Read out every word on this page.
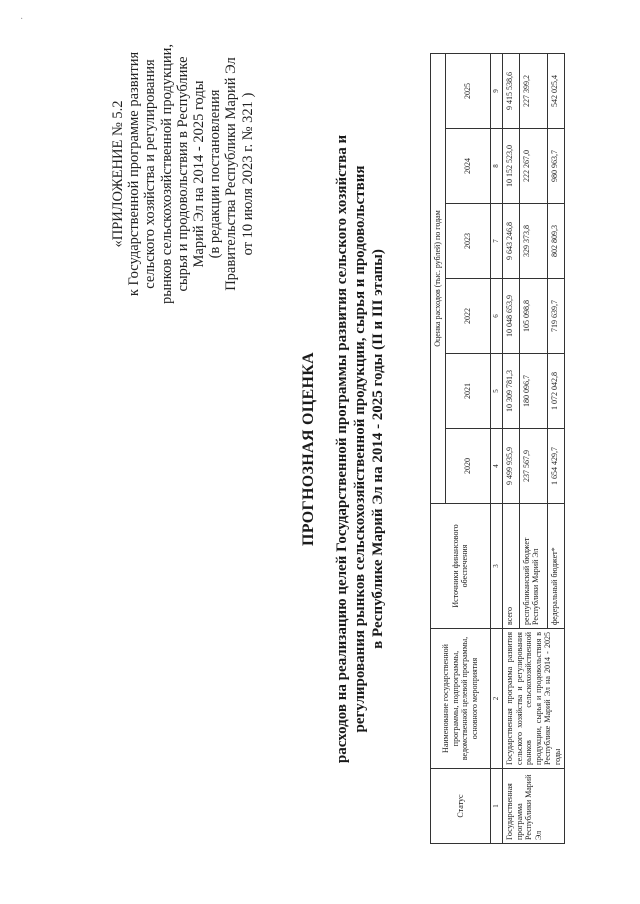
·
«ПРИЛОЖЕНИЕ № 5.2 к Государственной программе развития сельского хозяйства и регулирования рынков сельскохозяйственной продукции, сырья и продовольствия в Республике Марий Эл на 2014 - 2025 годы (в редакции постановления Правительства Республики Марий Эл от 10 июля 2023 г. № 321 )
ПРОГНОЗНАЯ ОЦЕНКА расходов на реализацию целей Государственной программы развития сельского хозяйства и регулирования рынков сельскохозяйственной продукции, сырья и продовольствия в Республике Марий Эл на 2014 - 2025 годы (II и III этапы)
Статус	Наименование государственной программы, подпрограммы, ведомственной целевой программы, основного мероприятия	Источники финансового обеспечения	Оценка расходов (тыс. рублей) по годам					
			2020	2021	2022	2023	2024	2025
1	2	3	4	5	6	7	8	9
Государственная программа Республики Марий Эл	Государственная программа развития сельского хозяйства и регулирования рынков сельскохозяйственной продукции, сырья и продовольствия в Республике Марий Эл на 2014 - 2025 годы	всего	9 499 935,9	10 309 781,3	10 048 653,9	9 643 246,8	10 152 523,0	9 415 538,6
		республиканский бюджет Республики Марий Эл	237 567,9	180 096,7	105 098,8	329 373,8	222 267,0	227 399,2
		федеральный бюджет*	1 654 429,7	1 072 042,8	719 639,7	802 809,3	980 963,7	542 025,4
